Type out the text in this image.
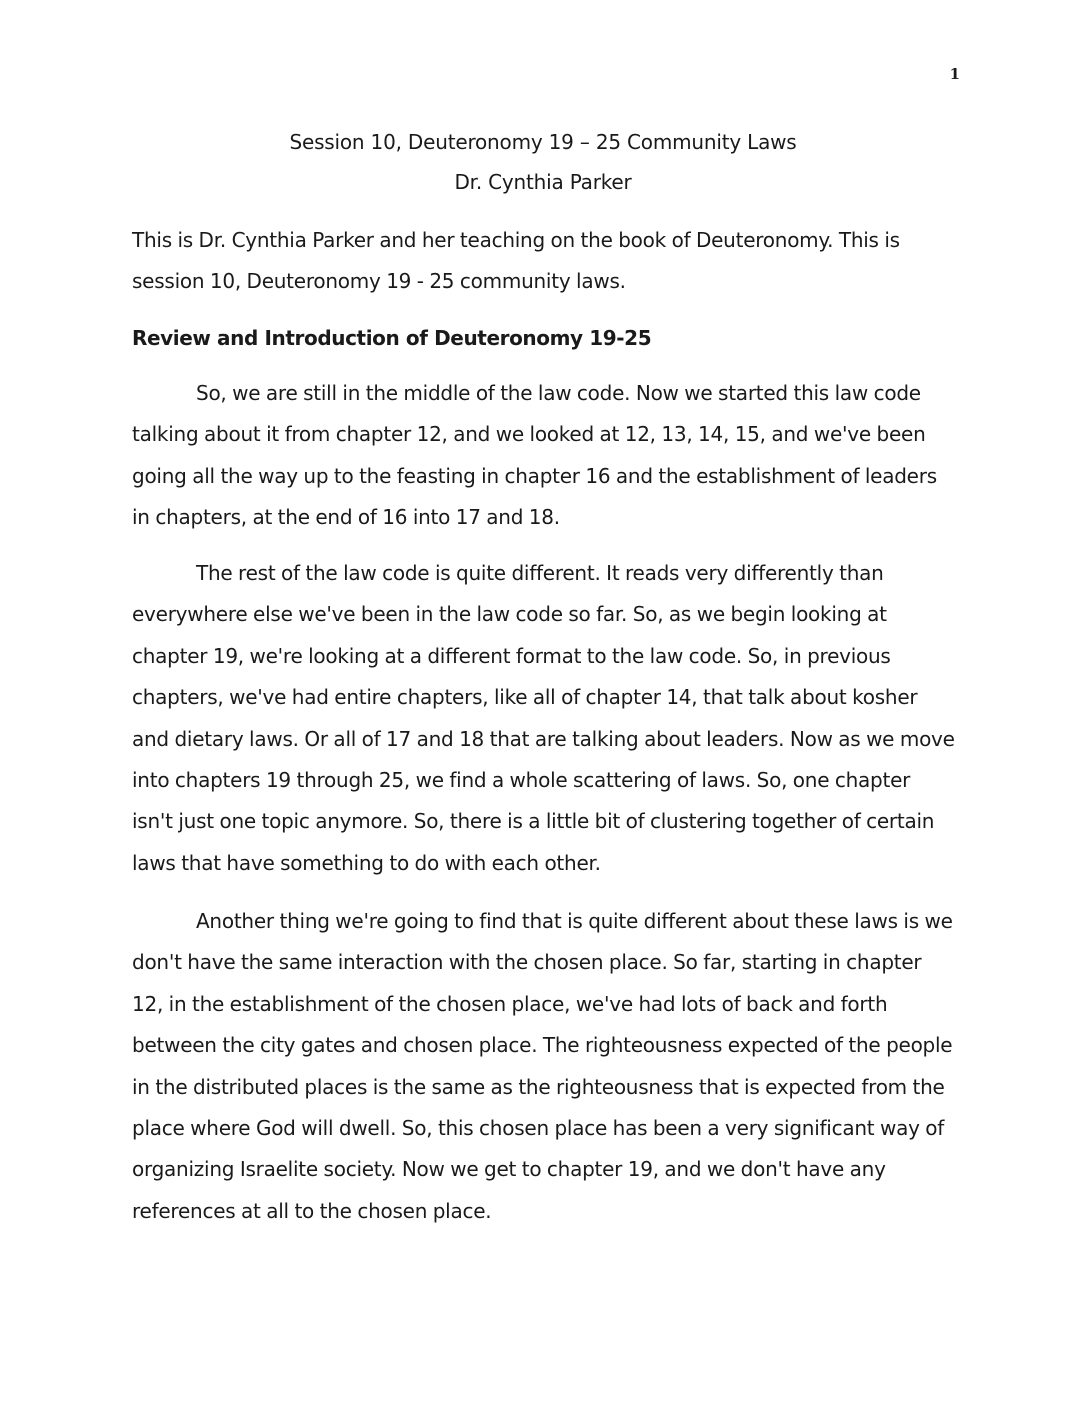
1
Session 10, Deuteronomy 19 – 25 Community Laws
Dr. Cynthia Parker

This is Dr. Cynthia Parker and her teaching on the book of Deuteronomy. This is session 10, Deuteronomy 19 - 25 community laws.

Review and Introduction of Deuteronomy 19-25

So, we are still in the middle of the law code. Now we started this law code talking about it from chapter 12, and we looked at 12, 13, 14, 15, and we've been going all the way up to the feasting in chapter 16 and the establishment of leaders in chapters, at the end of 16 into 17 and 18.

The rest of the law code is quite different. It reads very differently than everywhere else we've been in the law code so far. So, as we begin looking at chapter 19, we're looking at a different format to the law code. So, in previous chapters, we've had entire chapters, like all of chapter 14, that talk about kosher and dietary laws. Or all of 17 and 18 that are talking about leaders. Now as we move into chapters 19 through 25, we find a whole scattering of laws. So, one chapter isn't just one topic anymore. So, there is a little bit of clustering together of certain laws that have something to do with each other.

Another thing we're going to find that is quite different about these laws is we don't have the same interaction with the chosen place. So far, starting in chapter 12, in the establishment of the chosen place, we've had lots of back and forth between the city gates and chosen place. The righteousness expected of the people in the distributed places is the same as the righteousness that is expected from the place where God will dwell. So, this chosen place has been a very significant way of organizing Israelite society. Now we get to chapter 19, and we don't have any references at all to the chosen place.
